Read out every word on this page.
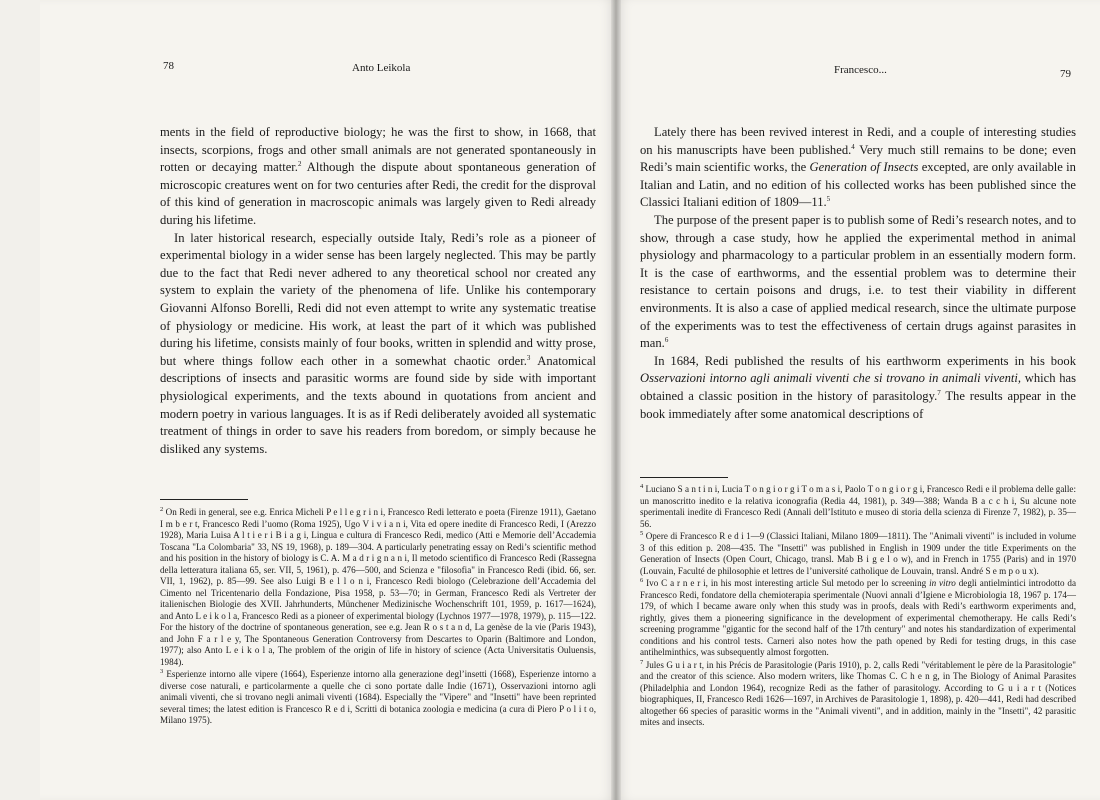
78	Anto Leikola

ments in the field of reproductive biology; he was the first to show, in 1668, that insects, scorpions, frogs and other small animals are not generated spontaneously in rotten or decaying matter.$^2$ Although the dispute about spontaneous generation of microscopic creatures went on for two centuries after Redi, the credit for the disproval of this kind of generation in macroscopic animals was largely given to Redi already during his lifetime.

In later historical research, especially outside Italy, Redi’s role as a pioneer of experimental biology in a wider sense has been largely neglected. This may be partly due to the fact that Redi never adhered to any theoretical school nor created any system to explain the variety of the phenomena of life. Unlike his contemporary Giovanni Alfonso Borelli, Redi did not even attempt to write any systematic treatise of physiology or medicine. His work, at least the part of it which was published during his lifetime, consists mainly of four books, written in splendid and witty prose, but where things follow each other in a somewhat chaotic order.$^3$ Anatomical descriptions of insects and parasitic worms are found side by side with important physiological experiments, and the texts abound in quotations from ancient and modern poetry in various languages. It is as if Redi deliberately avoided all systematic treatment of things in order to save his readers from boredom, or simply because he disliked any systems.

$^2$ On Redi in general, see e.g. Enrica Micheli P e l l e g r i n i, Francesco Redi letterato e poeta (Firenze 1911), Gaetano I m b e r t, Francesco Redi l’uomo (Roma 1925), Ugo V i v i a n i, Vita ed opere inedite di Francesco Redi, I (Arezzo 1928), Maria Luisa A l t i e r i B i a g i, Lingua e cultura di Francesco Redi, medico (Atti e Memorie dell’Accademia Toscana "La Colombaria" 33, NS 19, 1968), p. 189—304. A particularly penetrating essay on Redi’s scientific method and his position in the history of biology is C. A. M a d r i g n a n i, Il metodo scientifico di Francesco Redi (Rassegna della letteratura italiana 65, ser. VII, 5, 1961), p. 476—500, and Scienza e "filosofia" in Francesco Redi (ibid. 66, ser. VII, 1, 1962), p. 85—99. See also Luigi B e l l o n i, Francesco Redi biologo (Celebrazione dell’Accademia del Cimento nel Tricentenario della Fondazione, Pisa 1958, p. 53—70; in German, Francesco Redi als Vertreter der italienischen Biologie des XVII. Jahrhunderts, Münchener Medizinische Wochenschrift 101, 1959, p. 1617—1624), and Anto L e i k o l a, Francesco Redi as a pioneer of experimental biology (Lychnos 1977—1978, 1979), p. 115—122. For the history of the doctrine of spontaneous generation, see e.g. Jean R o s t a n d, La genèse de la vie (Paris 1943), and John F a r l e y, The Spontaneous Generation Controversy from Descartes to Oparin (Baltimore and London, 1977); also Anto L e i k o l a, The problem of the origin of life in history of science (Acta Universitatis Ouluensis, 1984).

$^3$ Esperienze intorno alle vipere (1664), Esperienze intorno alla generazione degl’insetti (1668), Esperienze intorno a diverse cose naturali, e particolarmente a quelle che ci sono portate dalle Indie (1671), Osservazioni intorno agli animali viventi, che si trovano negli animali viventi (1684). Especially the "Vipere" and "Insetti" have been reprinted several times; the latest edition is Francesco R e d i, Scritti di botanica zoologia e medicina (a cura di Piero P o l i t o, Milano 1975).

Francesco...	79

Lately there has been revived interest in Redi, and a couple of interesting studies on his manuscripts have been published.$^4$ Very much still remains to be done; even Redi’s main scientific works, the Generation of Insects excepted, are only available in Italian and Latin, and no edition of his collected works has been published since the Classici Italiani edition of 1809—11.$^5$

The purpose of the present paper is to publish some of Redi’s research notes, and to show, through a case study, how he applied the experimental method in animal physiology and pharmacology to a particular problem in an essentially modern form. It is the case of earthworms, and the essential problem was to determine their resistance to certain poisons and drugs, i.e. to test their viability in different environments. It is also a case of applied medical research, since the ultimate purpose of the experiments was to test the effectiveness of certain drugs against parasites in man.$^6$

In 1684, Redi published the results of his earthworm experiments in his book Osservazioni intorno agli animali viventi che si trovano in animali viventi, which has obtained a classic position in the history of parasitology.$^7$ The results appear in the book immediately after some anatomical descriptions of

$^4$ Luciano S a n t i n i, Lucia T o n g i o r g i T o m a s i, Paolo T o n g i o r g i, Francesco Redi e il problema delle galle: un manoscritto inedito e la relativa iconografia (Redia 44, 1981), p. 349—388; Wanda B a c c h i, Su alcune note sperimentali inedite di Francesco Redi (Annali dell’Istituto e museo di storia della scienza di Firenze 7, 1982), p. 35—56.

$^5$ Opere di Francesco R e d i 1—9 (Classici Italiani, Milano 1809—1811). The "Animali viventi" is included in volume 3 of this edition p. 208—435. The "Insetti" was published in English in 1909 under the title Experiments on the Generation of Insects (Open Court, Chicago, transl. Mab B i g e l o w), and in French in 1755 (Paris) and in 1970 (Louvain, Faculté de philosophie et lettres de l’université catholique de Louvain, transl. André S e m p o u x).

$^6$ Ivo C a r n e r i, in his most interesting article Sul metodo per lo screening in vitro degli antielmintici introdotto da Francesco Redi, fondatore della chemioterapia sperimentale (Nuovi annali d’Igiene e Microbiologia 18, 1967 p. 174—179, of which I became aware only when this study was in proofs, deals with Redi’s earthworm experiments and, rightly, gives them a pioneering significance in the development of experimental chemotherapy. He calls Redi’s screening programme "gigantic for the second half of the 17th century" and notes his standardization of experimental conditions and his control tests. Carneri also notes how the path opened by Redi for testing drugs, in this case antihelminthics, was subsequently almost forgotten.

$^7$ Jules G u i a r t, in his Précis de Parasitologie (Paris 1910), p. 2, calls Redi "véritablement le père de la Parasitologie" and the creator of this science. Also modern writers, like Thomas C. C h e n g, in The Biology of Animal Parasites (Philadelphia and London 1964), recognize Redi as the father of parasitology. According to G u i a r t (Notices biographiques, II, Francesco Redi 1626—1697, in Archives de Parasitologie 1, 1898), p. 420—441, Redi had described altogether 66 species of parasitic worms in the "Animali viventi", and in addition, mainly in the "Insetti", 42 parasitic mites and insects.
